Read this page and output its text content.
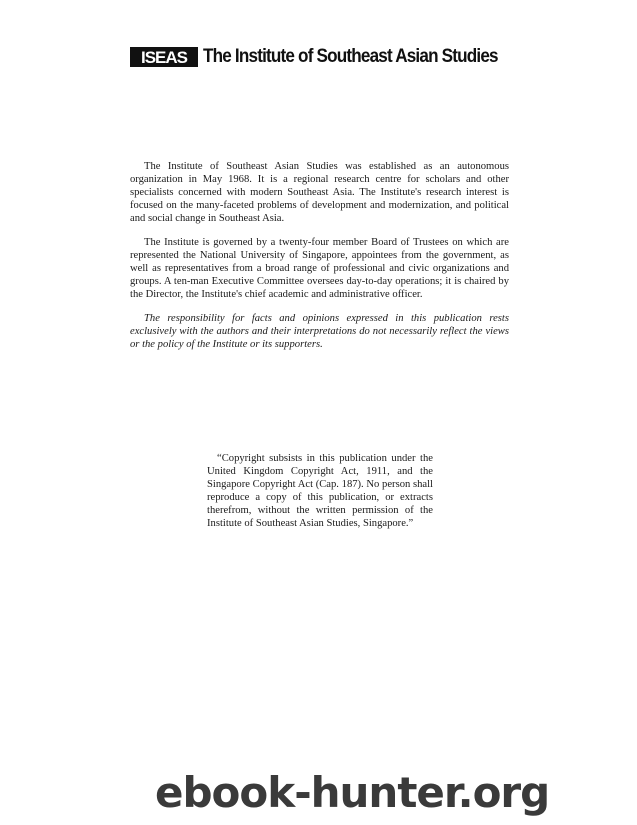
ISEAS The Institute of Southeast Asian Studies

The Institute of Southeast Asian Studies was established as an autonomous organization in May 1968. It is a regional research centre for scholars and other specialists concerned with modern Southeast Asia. The Institute's research interest is focused on the many-faceted problems of development and modernization, and political and social change in Southeast Asia.

The Institute is governed by a twenty-four member Board of Trustees on which are represented the National University of Singapore, appointees from the government, as well as representatives from a broad range of professional and civic organizations and groups. A ten-man Executive Committee oversees day-to-day operations; it is chaired by the Director, the Institute's chief academic and administrative officer.

The responsibility for facts and opinions expressed in this publication rests exclusively with the authors and their interpretations do not necessarily reflect the views or the policy of the Institute or its supporters.

“Copyright subsists in this publication under the United Kingdom Copyright Act, 1911, and the Singapore Copyright Act (Cap. 187). No person shall reproduce a copy of this publication, or extracts therefrom, without the written permission of the Institute of Southeast Asian Studies, Singapore.”

ebook-hunter.org
